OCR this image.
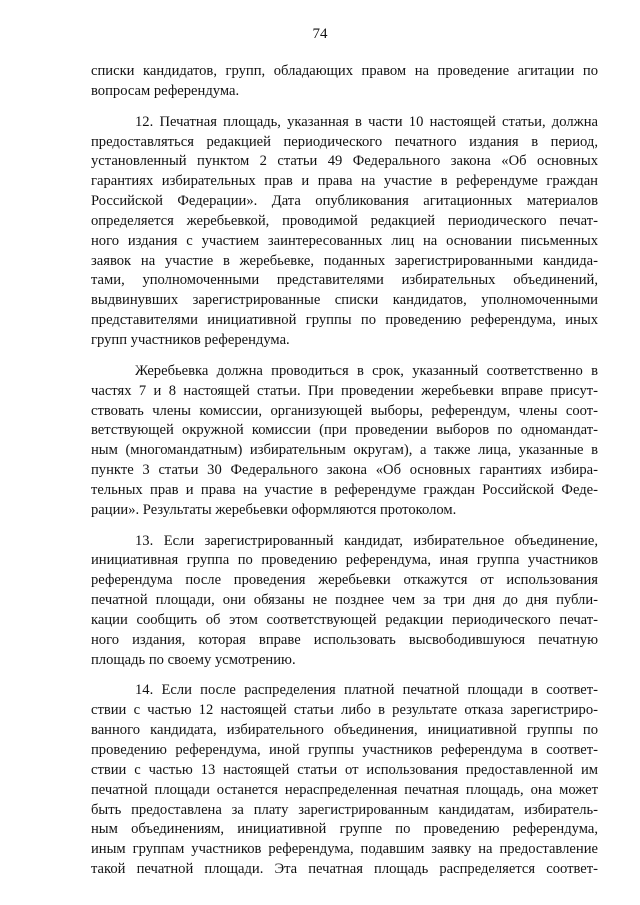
74
списки кандидатов, групп, обладающих правом на проведение агитации по
вопросам референдума.
12. Печатная площадь, указанная в части 10 настоящей статьи, должна
предоставляться редакцией периодического печатного издания в период,
установленный пунктом 2 статьи 49 Федерального закона «Об основных
гарантиях избирательных прав и права на участие в референдуме граждан
Российской Федерации». Дата опубликования агитационных материалов
определяется жеребьевкой, проводимой редакцией периодического печат-
ного издания с участием заинтересованных лиц на основании письменных
заявок на участие в жеребьевке, поданных зарегистрированными кандида-
тами, уполномоченными представителями избирательных объединений,
выдвинувших зарегистрированные списки кандидатов, уполномоченными
представителями инициативной группы по проведению референдума, иных
групп участников референдума.
Жеребьевка должна проводиться в срок, указанный соответственно в
частях 7 и 8 настоящей статьи. При проведении жеребьевки вправе присут-
ствовать члены комиссии, организующей выборы, референдум, члены соот-
ветствующей окружной комиссии (при проведении выборов по одномандат-
ным (многомандатным) избирательным округам), а также лица, указанные в
пункте 3 статьи 30 Федерального закона «Об основных гарантиях избира-
тельных прав и права на участие в референдуме граждан Российской Феде-
рации». Результаты жеребьевки оформляются протоколом.
13. Если зарегистрированный кандидат, избирательное объединение,
инициативная группа по проведению референдума, иная группа участников
референдума после проведения жеребьевки откажутся от использования
печатной площади, они обязаны не позднее чем за три дня до дня публи-
кации сообщить об этом соответствующей редакции периодического печат-
ного издания, которая вправе использовать высвободившуюся печатную
площадь по своему усмотрению.
14. Если после распределения платной печатной площади в соответ-
ствии с частью 12 настоящей статьи либо в результате отказа зарегистриро-
ванного кандидата, избирательного объединения, инициативной группы по
проведению референдума, иной группы участников референдума в соответ-
ствии с частью 13 настоящей статьи от использования предоставленной им
печатной площади останется нераспределенная печатная площадь, она может
быть предоставлена за плату зарегистрированным кандидатам, избиратель-
ным объединениям, инициативной группе по проведению референдума,
иным группам участников референдума, подавшим заявку на предоставление
такой печатной площади. Эта печатная площадь распределяется соответ-
